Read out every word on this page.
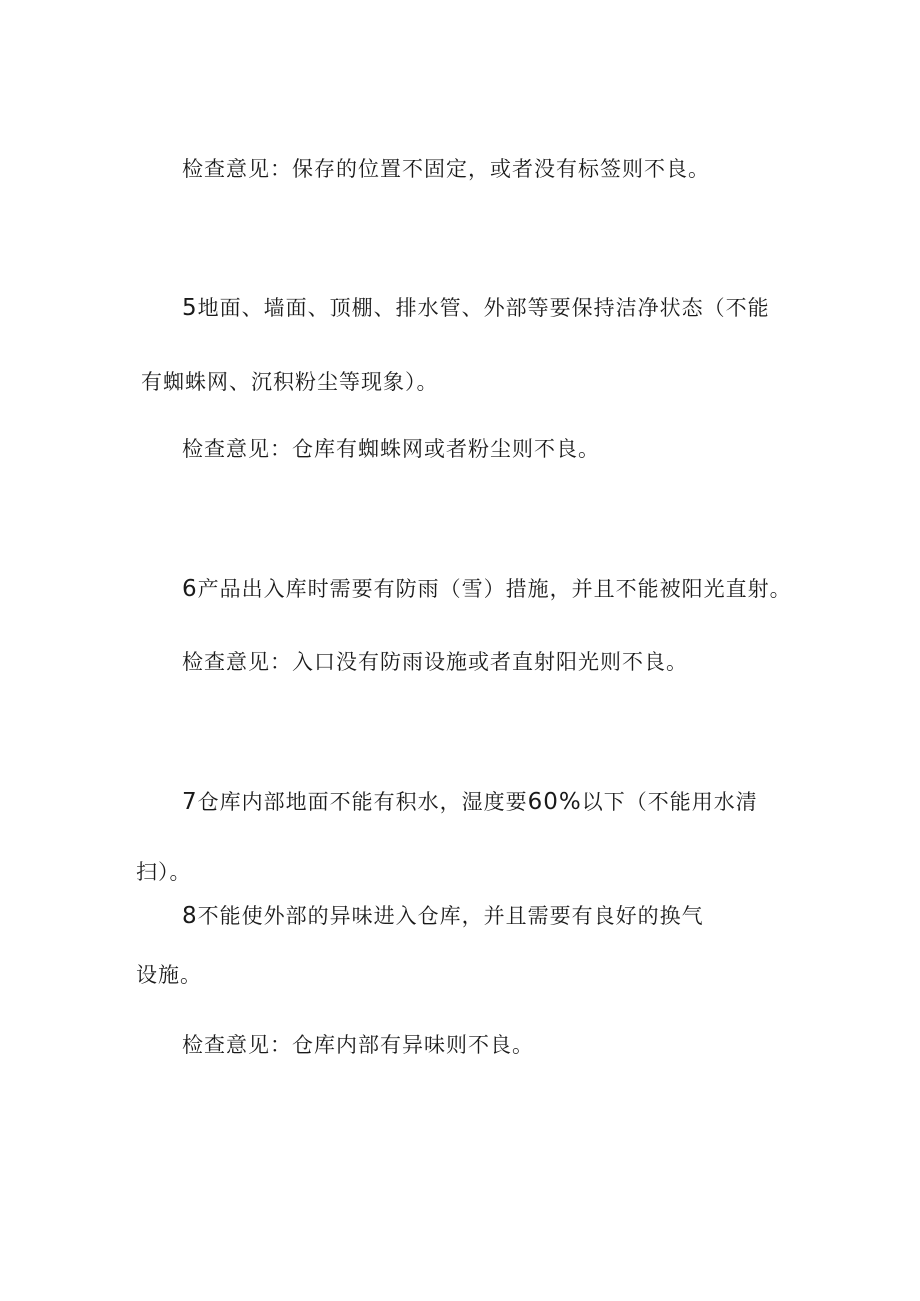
检查意见：保存的位置不固定，或者没有标签则不良。
5地面、墙面、顶棚、排水管、外部等要保持洁净状态（不能
有蜘蛛网、沉积粉尘等现象）。
检查意见：仓库有蜘蛛网或者粉尘则不良。
6产品出入库时需要有防雨（雪）措施，并且不能被阳光直射。
检查意见：入口没有防雨设施或者直射阳光则不良。
7仓库内部地面不能有积水，湿度要60%以下（不能用水清
扫）。
8不能使外部的异味进入仓库，并且需要有良好的换气
设施。
检查意见：仓库内部有异味则不良。
